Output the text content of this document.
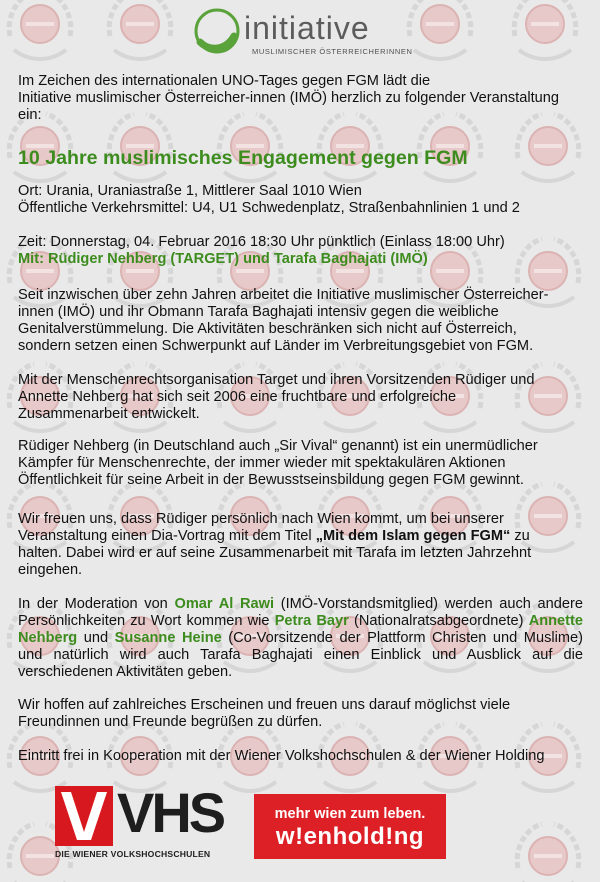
initiative
MUSLIMISCHER ÖSTERREICHERINNEN
Im Zeichen des internationalen UNO-Tages gegen FGM lädt die
Initiative muslimischer Österreicher-innen (IMÖ) herzlich zu folgender Veranstaltung
ein:
10 Jahre muslimisches Engagement gegen FGM
Ort: Urania, Uraniastraße 1, Mittlerer Saal 1010 Wien
Öffentliche Verkehrsmittel: U4, U1 Schwedenplatz, Straßenbahnlinien 1 und 2
Zeit: Donnerstag, 04. Februar 2016 18:30 Uhr pünktlich (Einlass 18:00 Uhr)
Mit: Rüdiger Nehberg (TARGET) und Tarafa Baghajati (IMÖ)
Seit inzwischen über zehn Jahren arbeitet die Initiative muslimischer Österreicher-
innen (IMÖ) und ihr Obmann Tarafa Baghajati intensiv gegen die weibliche
Genitalverstümmelung. Die Aktivitäten beschränken sich nicht auf Österreich,
sondern setzen einen Schwerpunkt auf Länder im Verbreitungsgebiet von FGM.
Mit der Menschenrechtsorganisation Target und ihren Vorsitzenden Rüdiger und
Annette Nehberg hat sich seit 2006 eine fruchtbare und erfolgreiche
Zusammenarbeit entwickelt.
Rüdiger Nehberg (in Deutschland auch „Sir Vival“ genannt) ist ein unermüdlicher
Kämpfer für Menschenrechte, der immer wieder mit spektakulären Aktionen
Öffentlichkeit für seine Arbeit in der Bewusstseinsbildung gegen FGM gewinnt.
Wir freuen uns, dass Rüdiger persönlich nach Wien kommt, um bei unserer
Veranstaltung einen Dia-Vortrag mit dem Titel „Mit dem Islam gegen FGM“ zu
halten. Dabei wird er auf seine Zusammenarbeit mit Tarafa im letzten Jahrzehnt
eingehen.
In der Moderation von Omar Al Rawi (IMÖ-Vorstandsmitglied) werden auch andere Persönlichkeiten zu Wort kommen wie Petra Bayr (Nationalratsabgeordnete) Annette Nehberg und Susanne Heine (Co-Vorsitzende der Plattform Christen und Muslime) und natürlich wird auch Tarafa Baghajati einen Einblick und Ausblick auf die verschiedenen Aktivitäten geben.
Wir hoffen auf zahlreiches Erscheinen und freuen uns darauf möglichst viele
Freundinnen und Freunde begrüßen zu dürfen.
Eintritt frei in Kooperation mit der Wiener Volkshochschulen & der Wiener Holding
VHS
DIE WIENER VOLKSHOCHSCHULEN
mehr wien zum leben.
w!enhold!ng
